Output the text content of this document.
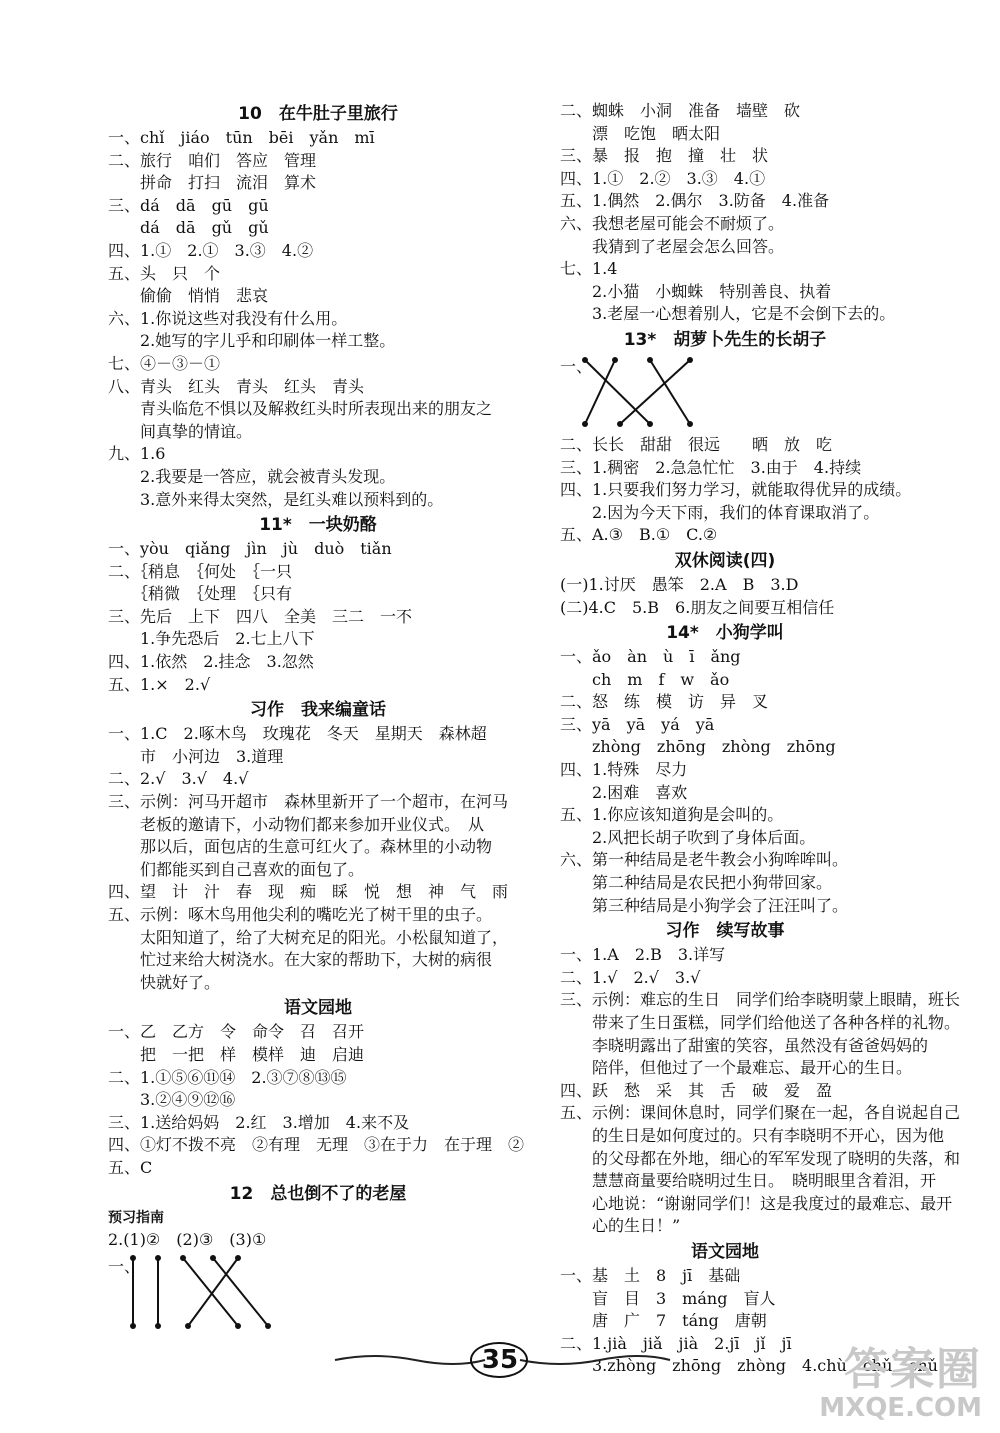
10　在牛肚子里旅行
一、chǐ　jiáo　tūn　bēi　yǎn　mī
二、旅行　咱们　答应　管理
　　拼命　打扫　流泪　算术
三、dá　dā　gū　gū
　　dá　dā　gǔ　gǔ
四、1.①　2.①　3.③　4.②
五、头　只　个
　　偷偷　悄悄　悲哀
六、1.你说这些对我没有什么用。
　　2.她写的字儿乎和印刷体一样工整。
七、④－③－①
八、青头　红头　青头　红头　青头
　　青头临危不惧以及解救红头时所表现出来的朋友之
　　间真挚的情谊。
九、1.6
　　2.我要是一答应，就会被青头发现。
　　3.意外来得太突然，是红头难以预料到的。
11*　一块奶酪
一、yòu　qiǎng　jìn　jù　duò　tiǎn
二、｛稍息　｛何处　｛一只
　　｛稍微　｛处理　｛只有
三、先后　上下　四八　全美　三二　一不
　　1.争先恐后　2.七上八下
四、1.依然　2.挂念　3.忽然
五、1.×　2.√
习作　我来编童话
一、1.C　2.啄木鸟　玫瑰花　冬天　星期天　森林超
　　市　小河边　3.道理
二、2.√　3.√　4.√
三、示例：河马开超市　森林里新开了一个超市，在河马
　　老板的邀请下，小动物们都来参加开业仪式。　从
　　那以后，面包店的生意可红火了。森林里的小动物
　　们都能买到自己喜欢的面包了。
四、望　计　汁　春　现　痴　睬　悦　想　神　气　雨
五、示例：啄木鸟用他尖利的嘴吃光了树干里的虫子。
　　太阳知道了，给了大树充足的阳光。小松鼠知道了，
　　忙过来给大树浇水。在大家的帮助下，大树的病很
　　快就好了。
语文园地
一、乙　乙方　令　命令　召　召开
　　把　一把　样　模样　迪　启迪
二、1.①⑤⑥⑪⑭　2.③⑦⑧⑬⑮
　　3.②④⑨⑫⑯
三、1.送给妈妈　2.红　3.增加　4.来不及
四、①灯不拨不亮　②有理　无理　③在于力　在于理　②
五、C
12　总也倒不了的老屋
预习指南
2.(1)②　(2)③　(3)①
一、
二、蜘蛛　小洞　准备　墙壁　砍
　　漂　吃饱　晒太阳
三、暴　报　抱　撞　壮　状
四、1.①　2.②　3.③　4.①
五、1.偶然　2.偶尔　3.防备　4.准备
六、我想老屋可能会不耐烦了。
　　我猜到了老屋会怎么回答。
七、1.4
　　2.小猫　小蜘蛛　特别善良、执着
　　3.老屋一心想着别人，它是不会倒下去的。
13*　胡萝卜先生的长胡子
一、
二、长长　甜甜　很远　　晒　放　吃
三、1.稠密　2.急急忙忙　3.由于　4.持续
四、1.只要我们努力学习，就能取得优异的成绩。
　　2.因为今天下雨，我们的体育课取消了。
五、A.③　B.①　C.②
双休阅读(四)
(一)1.讨厌　愚笨　2.A　B　3.D
(二)4.C　5.B　6.朋友之间要互相信任
14*　小狗学叫
一、ǎo　àn　ù　ī　ǎng
　　ch　m　f　w　ǎo
二、怒　练　模　访　异　叉
三、yā　yā　yá　yā
　　zhòng　zhōng　zhòng　zhōng
四、1.特殊　尽力
　　2.困难　喜欢
五、1.你应该知道狗是会叫的。
　　2.风把长胡子吹到了身体后面。
六、第一种结局是老牛教会小狗哞哞叫。
　　第二种结局是农民把小狗带回家。
　　第三种结局是小狗学会了汪汪叫了。
习作　续写故事
一、1.A　2.B　3.详写
二、1.√　2.√　3.√
三、示例：难忘的生日　同学们给李晓明蒙上眼睛，班长
　　带来了生日蛋糕，同学们给他送了各种各样的礼物。
　　李晓明露出了甜蜜的笑容，虽然没有爸爸妈妈的
　　陪伴，但他过了一个最难忘、最开心的生日。
四、跃　愁　采　其　舌　破　爱　盈
五、示例：课间休息时，同学们聚在一起，各自说起自己
　　的生日是如何度过的。只有李晓明不开心，因为他
　　的父母都在外地，细心的军军发现了晓明的失落，和
　　慧慧商量要给晓明过生日。　晓明眼里含着泪，开
　　心地说：“谢谢同学们！这是我度过的最难忘、最开
　　心的生日！”
语文园地
一、基　土　8　jī　基础
　　盲　目　3　máng　盲人
　　唐　广　7　táng　唐朝
二、1.jià　jiǎ　jià　2.jī　jǐ　jī
　　3.zhòng　zhōng　zhòng　4.chù　chǔ　chǔ
35	答案圈
MXQE.COM
